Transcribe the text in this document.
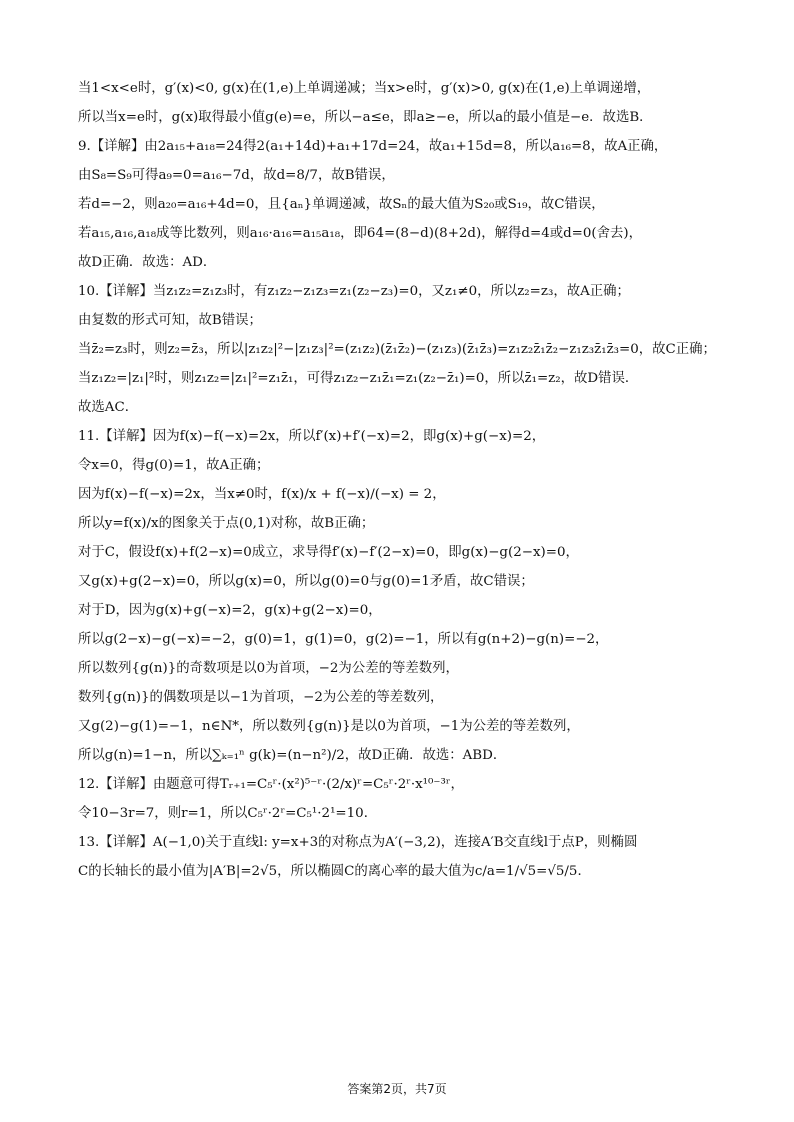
当1<x<e时，g′(x)<0, g(x)在(1,e)上单调递减；当x>e时，g′(x)>0, g(x)在(1,e)上单调递增，

所以当x=e时，g(x)取得最小值g(e)=e，所以−a≤e，即a≥−e，所以a的最小值是−e．故选B．

9.【详解】由2a₁₅+a₁₈=24得2(a₁+14d)+a₁+17d=24，故a₁+15d=8，所以a₁₆=8，故A正确，

由S₈=S₉可得a₉=0=a₁₆−7d，故d=8/7，故B错误，

若d=−2，则a₂₀=a₁₆+4d=0，且{aₙ}单调递减，故Sₙ的最大值为S₂₀或S₁₉，故C错误，

若a₁₅,a₁₆,a₁₈成等比数列，则a₁₆·a₁₆=a₁₅a₁₈，即64=(8−d)(8+2d)，解得d=4或d=0(舍去)，

故D正确．故选：AD．

10.【详解】当z₁z₂=z₁z₃时，有z₁z₂−z₁z₃=z₁(z₂−z₃)=0，又z₁≠0，所以z₂=z₃，故A正确；

由复数的形式可知，故B错误；

当z̄₂=z₃时，则z₂=z̄₃，所以|z₁z₂|²−|z₁z₃|²=(z₁z₂)(z̄₁z̄₂)−(z₁z₃)(z̄₁z̄₃)=z₁z₂z̄₁z̄₂−z₁z₃z̄₁z̄₃=0，故C正确；

当z₁z₂=|z₁|²时，则z₁z₂=|z₁|²=z₁z̄₁，可得z₁z₂−z₁z̄₁=z₁(z₂−z̄₁)=0，所以z̄₁=z₂，故D错误．

故选AC．

11.【详解】因为f(x)−f(−x)=2x，所以f′(x)+f′(−x)=2，即g(x)+g(−x)=2，

令x=0，得g(0)=1，故A正确；

因为f(x)−f(−x)=2x，当x≠0时，f(x)/x + f(−x)/(−x) = 2，

所以y=f(x)/x的图象关于点(0,1)对称，故B正确；

对于C，假设f(x)+f(2−x)=0成立，求导得f′(x)−f′(2−x)=0，即g(x)−g(2−x)=0，

又g(x)+g(2−x)=0，所以g(x)=0，所以g(0)=0与g(0)=1矛盾，故C错误；

对于D，因为g(x)+g(−x)=2，g(x)+g(2−x)=0，

所以g(2−x)−g(−x)=−2，g(0)=1，g(1)=0，g(2)=−1，所以有g(n+2)−g(n)=−2，

所以数列{g(n)}的奇数项是以0为首项，−2为公差的等差数列，

数列{g(n)}的偶数项是以−1为首项，−2为公差的等差数列，

又g(2)−g(1)=−1，n∈N*，所以数列{g(n)}是以0为首项，−1为公差的等差数列，

所以g(n)=1−n，所以∑ₖ₌₁ⁿ g(k)=(n−n²)/2，故D正确．故选：ABD．

12.【详解】由题意可得Tᵣ₊₁=C₅ʳ·(x²)⁵⁻ʳ·(2/x)ʳ=C₅ʳ·2ʳ·x¹⁰⁻³ʳ，

令10−3r=7，则r=1，所以C₅ʳ·2ʳ=C₅¹·2¹=10．

13.【详解】A(−1,0)关于直线l: y=x+3的对称点为A′(−3,2)，连接A′B交直线l于点P，则椭圆

C的长轴长的最小值为|A′B|=2√5，所以椭圆C的离心率的最大值为c/a=1/√5=√5/5．

答案第2页，共7页
